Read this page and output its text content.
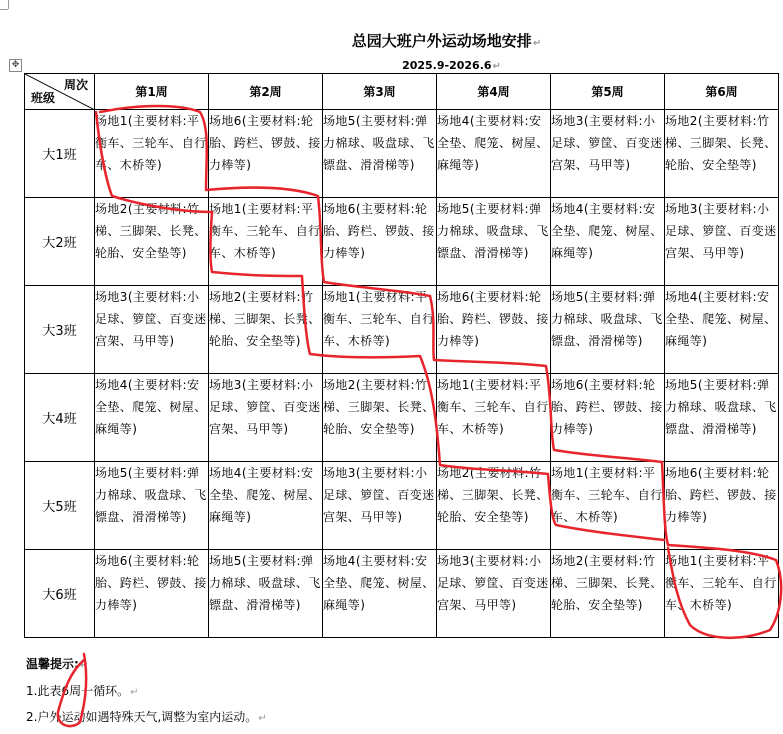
总园大班户外运动场地安排↵
2025.9-2026.6↵
✥
周次
班级	第1周	第2周	第3周	第4周	第5周	第6周
大1班	场地1(主要材料:平衡车、三轮车、自行车、木桥等)	场地6(主要材料:轮胎、跨栏、锣鼓、接力棒等)	场地5(主要材料:弹力棉球、吸盘球、飞镖盘、滑滑梯等)	场地4(主要材料:安全垫、爬笼、树屋、麻绳等)	场地3(主要材料:小足球、箩筐、百变迷宫架、马甲等)	场地2(主要材料:竹梯、三脚架、长凳、轮胎、安全垫等)
大2班	场地2(主要材料:竹梯、三脚架、长凳、轮胎、安全垫等)	场地1(主要材料:平衡车、三轮车、自行车、木桥等)	场地6(主要材料:轮胎、跨栏、锣鼓、接力棒等)	场地5(主要材料:弹力棉球、吸盘球、飞镖盘、滑滑梯等)	场地4(主要材料:安全垫、爬笼、树屋、麻绳等)	场地3(主要材料:小足球、箩筐、百变迷宫架、马甲等)
大3班	场地3(主要材料:小足球、箩筐、百变迷宫架、马甲等)	场地2(主要材料:竹梯、三脚架、长凳、轮胎、安全垫等)	场地1(主要材料:平衡车、三轮车、自行车、木桥等)	场地6(主要材料:轮胎、跨栏、锣鼓、接力棒等)	场地5(主要材料:弹力棉球、吸盘球、飞镖盘、滑滑梯等)	场地4(主要材料:安全垫、爬笼、树屋、麻绳等)
大4班	场地4(主要材料:安全垫、爬笼、树屋、麻绳等)	场地3(主要材料:小足球、箩筐、百变迷宫架、马甲等)	场地2(主要材料:竹梯、三脚架、长凳、轮胎、安全垫等)	场地1(主要材料:平衡车、三轮车、自行车、木桥等)	场地6(主要材料:轮胎、跨栏、锣鼓、接力棒等)	场地5(主要材料:弹力棉球、吸盘球、飞镖盘、滑滑梯等)
大5班	场地5(主要材料:弹力棉球、吸盘球、飞镖盘、滑滑梯等)	场地4(主要材料:安全垫、爬笼、树屋、麻绳等)	场地3(主要材料:小足球、箩筐、百变迷宫架、马甲等)	场地2(主要材料:竹梯、三脚架、长凳、轮胎、安全垫等)	场地1(主要材料:平衡车、三轮车、自行车、木桥等)	场地6(主要材料:轮胎、跨栏、锣鼓、接力棒等)
大6班	场地6(主要材料:轮胎、跨栏、锣鼓、接力棒等)	场地5(主要材料:弹力棉球、吸盘球、飞镖盘、滑滑梯等)	场地4(主要材料:安全垫、爬笼、树屋、麻绳等)	场地3(主要材料:小足球、箩筐、百变迷宫架、马甲等)	场地2(主要材料:竹梯、三脚架、长凳、轮胎、安全垫等)	场地1(主要材料:平衡车、三轮车、自行车、木桥等)
温馨提示:↵
1.此表6周一循环。↵
2.户外运动如遇特殊天气,调整为室内运动。↵
